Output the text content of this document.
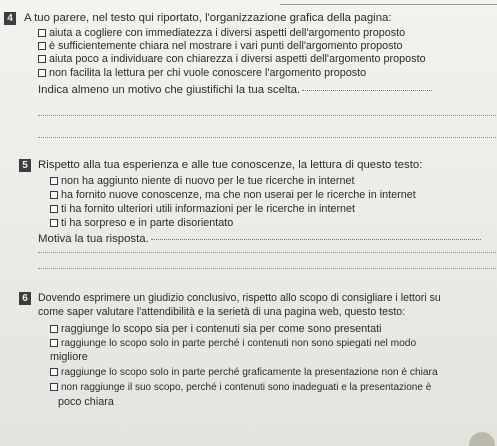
4 A tuo parere, nel testo qui riportato, l'organizzazione grafica della pagina:
aiuta a cogliere con immediatezza i diversi aspetti dell'argomento proposto
è sufficientemente chiara nel mostrare i vari punti dell'argomento proposto
aiuta poco a individuare con chiarezza i diversi aspetti dell'argomento proposto
non facilita la lettura per chi vuole conoscere l'argomento proposto
Indica almeno un motivo che giustifichi la tua scelta.
5 Rispetto alla tua esperienza e alle tue conoscenze, la lettura di questo testo:
non ha aggiunto niente di nuovo per le tue ricerche in internet
ha fornito nuove conoscenze, ma che non userai per le ricerche in internet
ti ha fornito ulteriori utili informazioni per le ricerche in internet
ti ha sorpreso e in parte disorientato
Motiva la tua risposta.
6 Dovendo esprimere un giudizio conclusivo, rispetto allo scopo di consigliare i lettori su
come saper valutare l'attendibilità e la serietà di una pagina web, questo testo:
raggiunge lo scopo sia per i contenuti sia per come sono presentati
raggiunge lo scopo solo in parte perché i contenuti non sono spiegati nel modo
migliore
raggiunge lo scopo solo in parte perché graficamente la presentazione non è chiara
non raggiunge il suo scopo, perché i contenuti sono inadeguati e la presentazione è
poco chiara
